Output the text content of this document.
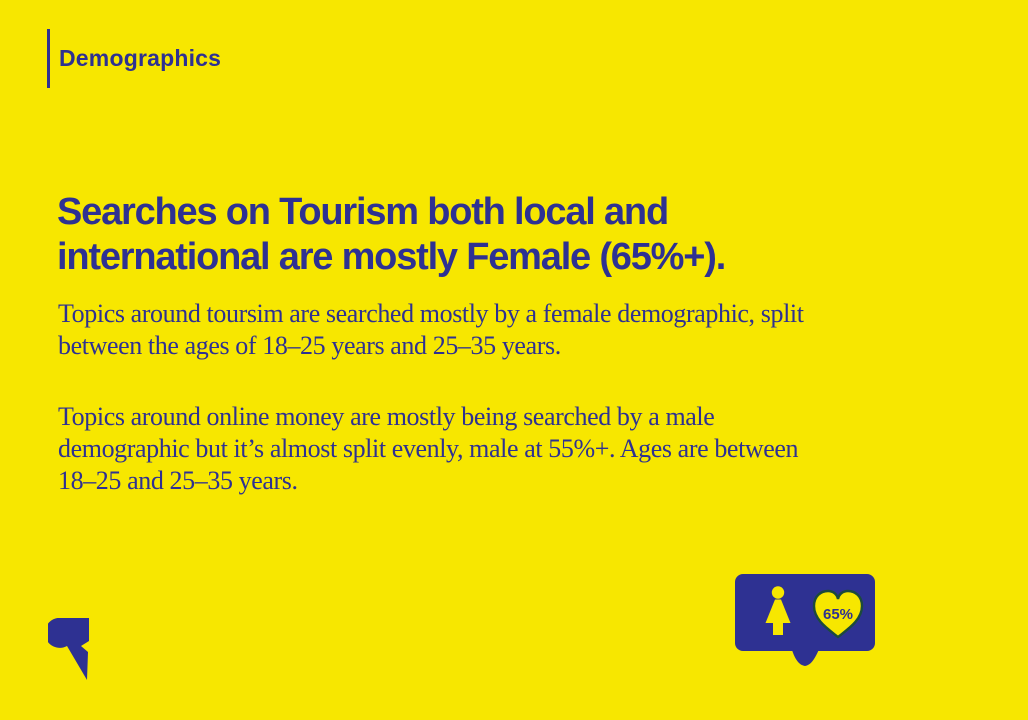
Demographics
Searches on Tourism both local and
international are mostly Female (65%+).

Topics around toursim are searched mostly by a female demographic, split
between the ages of 18–25 years and 25–35 years.

Topics around online money are mostly being searched by a male
demographic but it’s almost split evenly, male at 55%+. Ages are between
18–25 and 25–35 years.

65%
